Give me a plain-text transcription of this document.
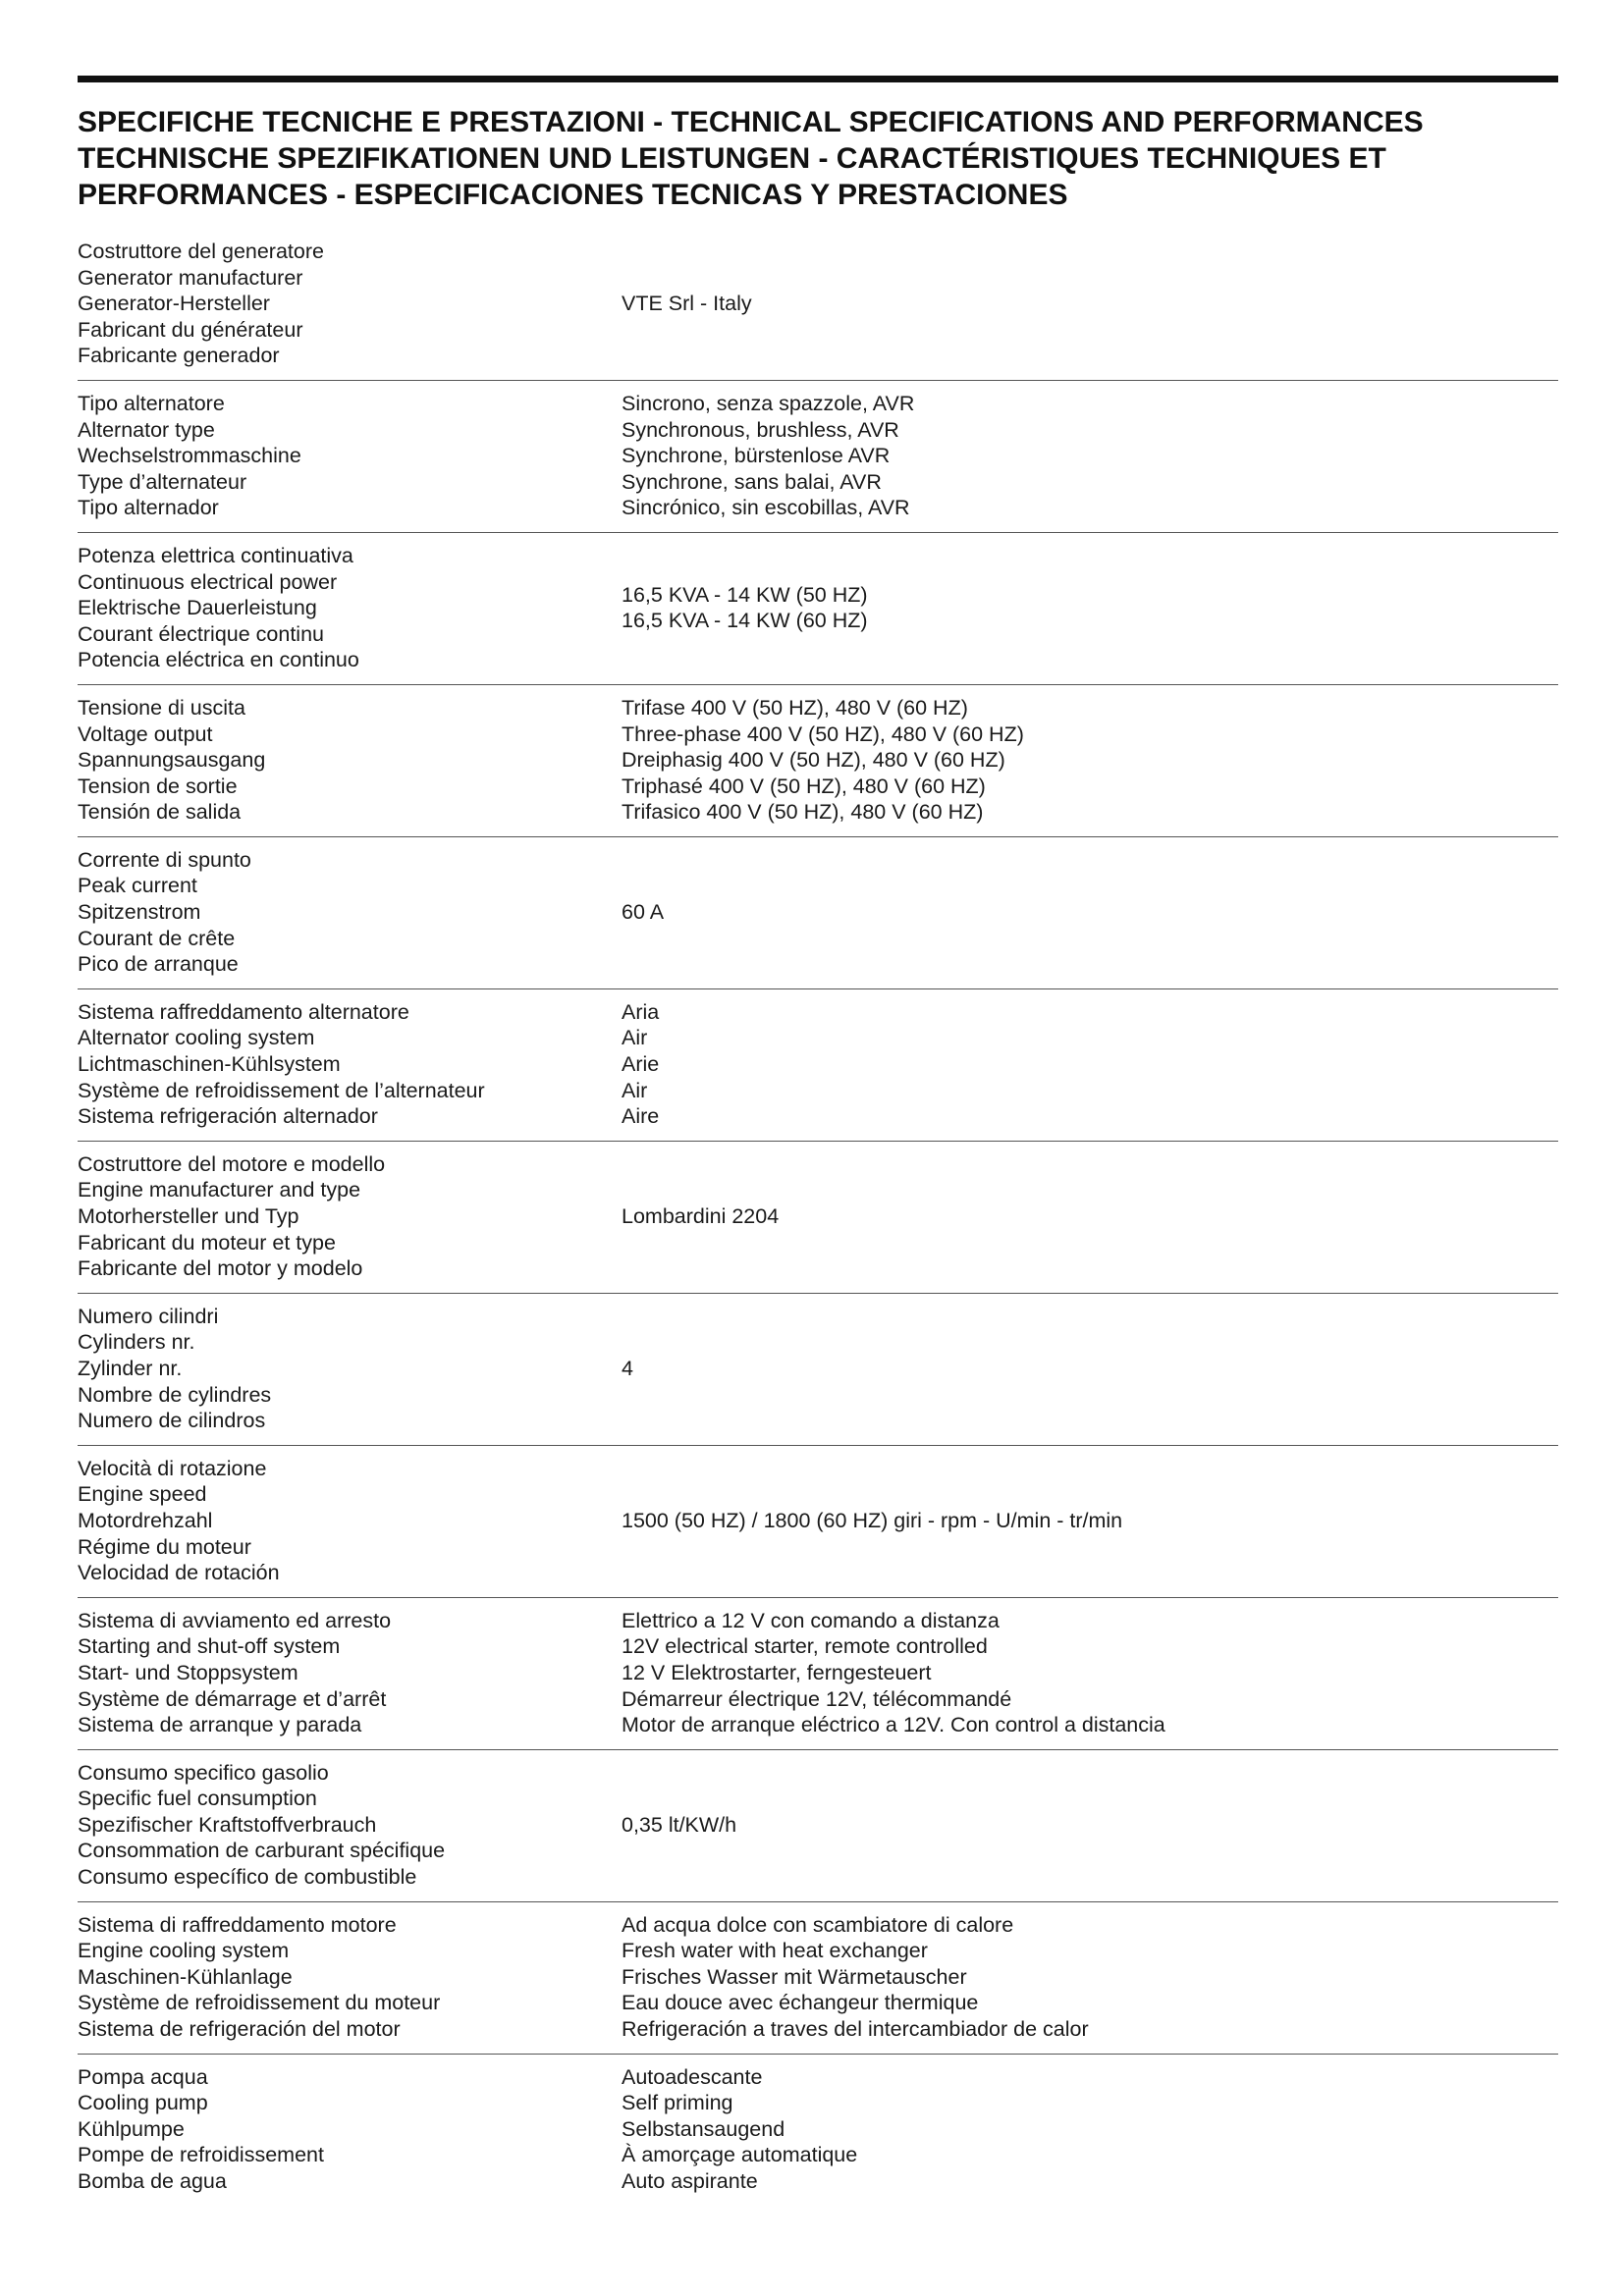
SPECIFICHE TECNICHE E PRESTAZIONI - TECHNICAL SPECIFICATIONS AND PERFORMANCES
TECHNISCHE SPEZIFIKATIONEN UND LEISTUNGEN - CARACTÉRISTIQUES TECHNIQUES ET
PERFORMANCES - ESPECIFICACIONES TECNICAS Y PRESTACIONES
Costruttore del generatore
Generator manufacturer
Generator-Hersteller
Fabricant du générateur
Fabricante generador
VTE Srl - Italy
Tipo alternatore
Alternator type
Wechselstrommaschine
Type d’alternateur
Tipo alternador
Sincrono, senza spazzole, AVR
Synchronous, brushless, AVR
Synchrone, bürstenlose AVR
Synchrone, sans balai, AVR
Sincrónico, sin escobillas, AVR
Potenza elettrica continuativa
Continuous electrical power
Elektrische Dauerleistung
Courant électrique continu
Potencia eléctrica en continuo
16,5 KVA - 14 KW (50 HZ)
16,5 KVA - 14 KW (60 HZ)
Tensione di uscita
Voltage output
Spannungsausgang
Tension de sortie
Tensión de salida
Trifase 400 V (50 HZ), 480 V (60 HZ)
Three-phase 400 V (50 HZ), 480 V (60 HZ)
Dreiphasig 400 V (50 HZ), 480 V (60 HZ)
Triphasé 400 V (50 HZ), 480 V (60 HZ)
Trifasico 400 V (50 HZ), 480 V (60 HZ)
Corrente di spunto
Peak current
Spitzenstrom
Courant de crête
Pico de arranque
60 A
Sistema raffreddamento alternatore
Alternator cooling system
Lichtmaschinen-Kühlsystem
Système de refroidissement de l’alternateur
Sistema refrigeración alternador
Aria
Air
Arie
Air
Aire
Costruttore del motore e modello
Engine manufacturer and type
Motorhersteller und Typ
Fabricant du moteur et type
Fabricante del motor y modelo
Lombardini 2204
Numero cilindri
Cylinders nr.
Zylinder nr.
Nombre de cylindres
Numero de cilindros
4
Velocità di rotazione
Engine speed
Motordrehzahl
Régime du moteur
Velocidad de rotación
1500 (50 HZ) / 1800 (60 HZ) giri - rpm - U/min - tr/min
Sistema di avviamento ed arresto
Starting and shut-off system
Start- und Stoppsystem
Système de démarrage et d’arrêt
Sistema de arranque y parada
Elettrico a 12 V con comando a distanza
12V electrical starter, remote controlled
12 V Elektrostarter, ferngesteuert
Démarreur électrique 12V, télécommandé
Motor de arranque eléctrico a 12V. Con control a distancia
Consumo specifico gasolio
Specific fuel consumption
Spezifischer Kraftstoffverbrauch
Consommation de carburant spécifique
Consumo específico de combustible
0,35 lt/KW/h
Sistema di raffreddamento motore
Engine cooling system
Maschinen-Kühlanlage
Système de refroidissement du moteur
Sistema de refrigeración del motor
Ad acqua dolce con scambiatore di calore
Fresh water with heat exchanger
Frisches Wasser mit Wärmetauscher
Eau douce avec échangeur thermique
Refrigeración a traves del intercambiador de calor
Pompa acqua
Cooling pump
Kühlpumpe
Pompe de refroidissement
Bomba de agua
Autoadescante
Self priming
Selbstansaugend
À amorçage automatique
Auto aspirante
